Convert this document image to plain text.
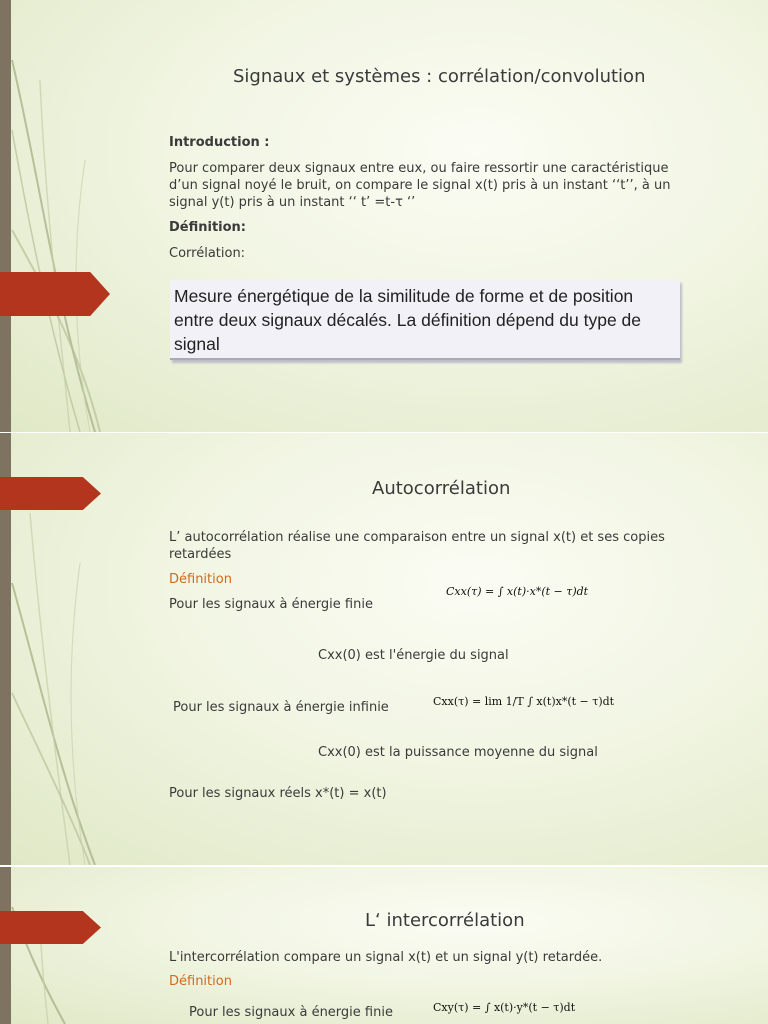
Signaux et systèmes : corrélation/convolution
Introduction :
Pour comparer deux signaux entre eux, ou faire ressortir une caractéristique
d’un signal noyé le bruit, on compare le signal x(t) pris à un instant ‘‘t’’, à un
signal y(t) pris à un instant ‘‘ t’ =t-τ ‘’
Définition:
Corrélation:
Mesure énergétique de la similitude de forme et de position entre deux signaux décalés. La définition dépend du type de signal
Autocorrélation
L’ autocorrélation réalise une comparaison entre un signal x(t) et ses copies
retardées
Définition
Pour les signaux à énergie finie
Cxx(τ) = ∫ x(t)·x*(t − τ)dt
Cxx(0) est l'énergie du signal
Pour les signaux à énergie infinie	Cxx(τ) = lim 1/T ∫ x(t)x*(t − τ)dt
Cxx(0) est la puissance moyenne du signal
Pour les signaux réels x*(t) = x(t)
L‘ intercorrélation
L'intercorrélation compare un signal x(t) et un signal y(t) retardée.
Définition
Pour les signaux à énergie finie	Cxy(τ) = ∫ x(t)·y*(t − τ)dt
